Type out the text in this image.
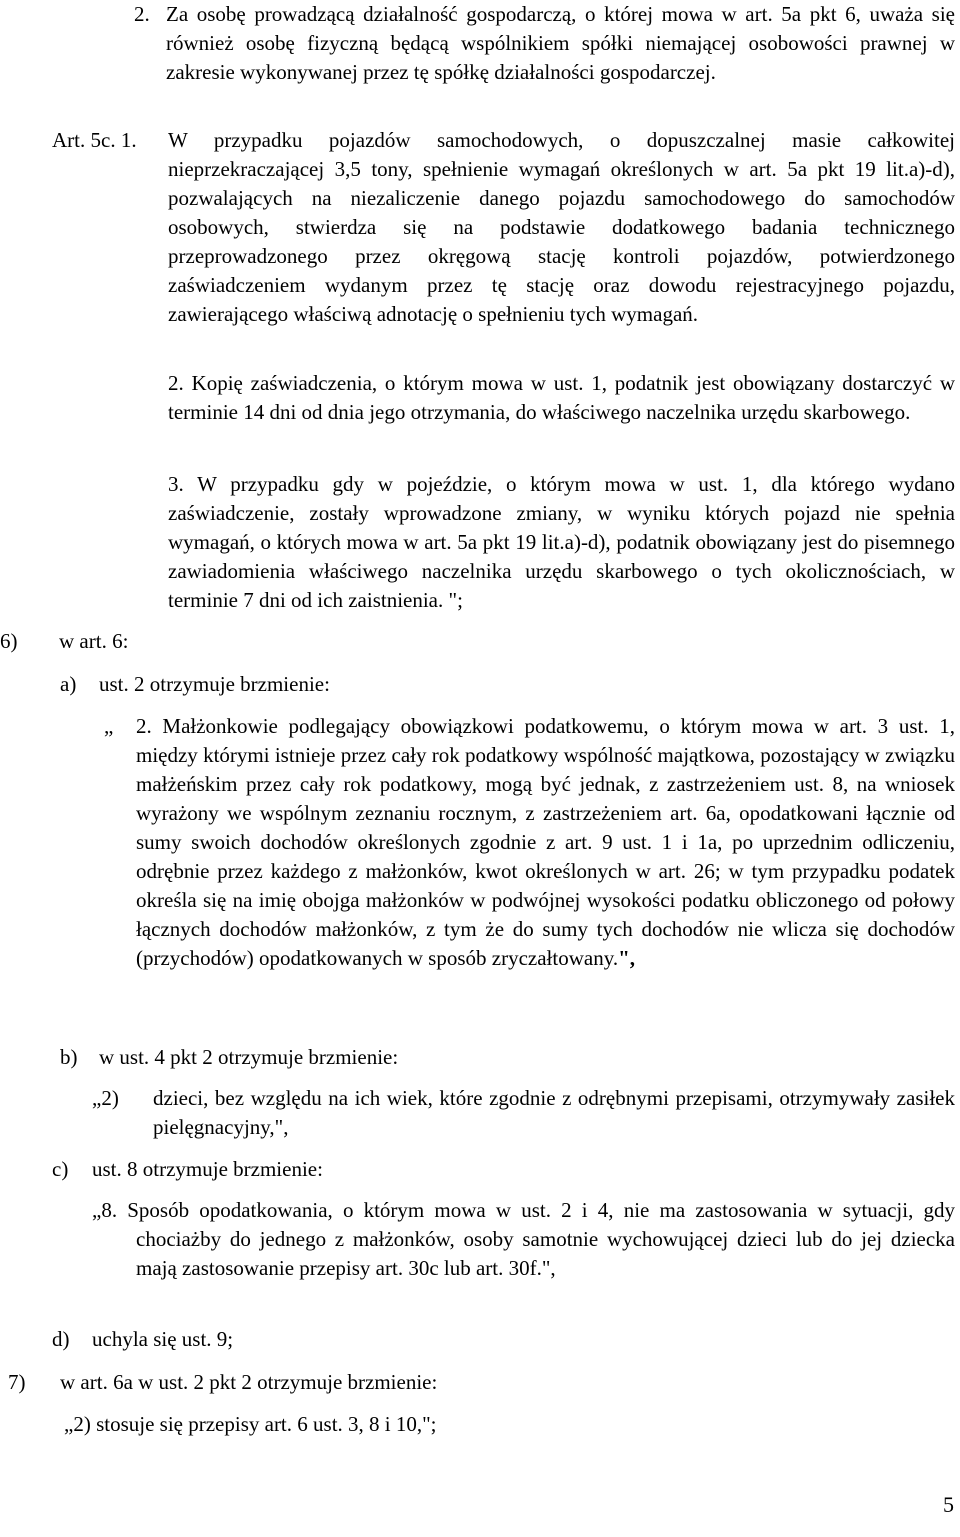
2. Za osobę prowadzącą działalność gospodarczą, o której mowa w art. 5a pkt 6, uważa się również osobę fizyczną będącą wspólnikiem spółki niemającej osobowości prawnej w zakresie wykonywanej przez tę spółkę działalności gospodarczej.
Art. 5c. 1. W przypadku pojazdów samochodowych, o dopuszczalnej masie całkowitej nieprzekraczającej 3,5 tony, spełnienie wymagań określonych w art. 5a pkt 19 lit.a)-d), pozwalających na niezaliczenie danego pojazdu samochodowego do samochodów osobowych, stwierdza się na podstawie dodatkowego badania technicznego przeprowadzonego przez okręgową stację kontroli pojazdów, potwierdzonego zaświadczeniem wydanym przez tę stację oraz dowodu rejestracyjnego pojazdu, zawierającego właściwą adnotację o spełnieniu tych wymagań.
2. Kopię zaświadczenia, o którym mowa w ust. 1, podatnik jest obowiązany dostarczyć w terminie 14 dni od dnia jego otrzymania, do właściwego naczelnika urzędu skarbowego.
3. W przypadku gdy w pojeździe, o którym mowa w ust. 1, dla którego wydano zaświadczenie, zostały wprowadzone zmiany, w wyniku których pojazd nie spełnia wymagań, o których mowa w art. 5a pkt 19 lit.a)-d), podatnik obowiązany jest do pisemnego zawiadomienia właściwego naczelnika urzędu skarbowego o tych okolicznościach, w terminie 7 dni od ich zaistnienia. ";
6) w art. 6:
a) ust. 2 otrzymuje brzmienie:
„ 2. Małżonkowie podlegający obowiązkowi podatkowemu, o którym mowa w art. 3 ust. 1, między którymi istnieje przez cały rok podatkowy wspólność majątkowa, pozostający w związku małżeńskim przez cały rok podatkowy, mogą być jednak, z zastrzeżeniem ust. 8, na wniosek wyrażony we wspólnym zeznaniu rocznym, z zastrzeżeniem art. 6a, opodatkowani łącznie od sumy swoich dochodów określonych zgodnie z art. 9 ust. 1 i 1a, po uprzednim odliczeniu, odrębnie przez każdego z małżonków, kwot określonych w art. 26; w tym przypadku podatek określa się na imię obojga małżonków w podwójnej wysokości podatku obliczonego od połowy łącznych dochodów małżonków, z tym że do sumy tych dochodów nie wlicza się dochodów (przychodów) opodatkowanych w sposób zryczałtowany.",
b) w ust. 4 pkt 2 otrzymuje brzmienie:
„2) dzieci, bez względu na ich wiek, które zgodnie z odrębnymi przepisami, otrzymywały zasiłek pielęgnacyjny,",
c) ust. 8 otrzymuje brzmienie:
„8. Sposób opodatkowania, o którym mowa w ust. 2 i 4, nie ma zastosowania w sytuacji, gdy chociażby do jednego z małżonków, osoby samotnie wychowującej dzieci lub do jej dziecka mają zastosowanie przepisy art. 30c lub art. 30f.",
d) uchyla się ust. 9;
7) w art. 6a w ust. 2 pkt 2 otrzymuje brzmienie:
„2) stosuje się przepisy art. 6 ust. 3, 8 i 10,";
5
